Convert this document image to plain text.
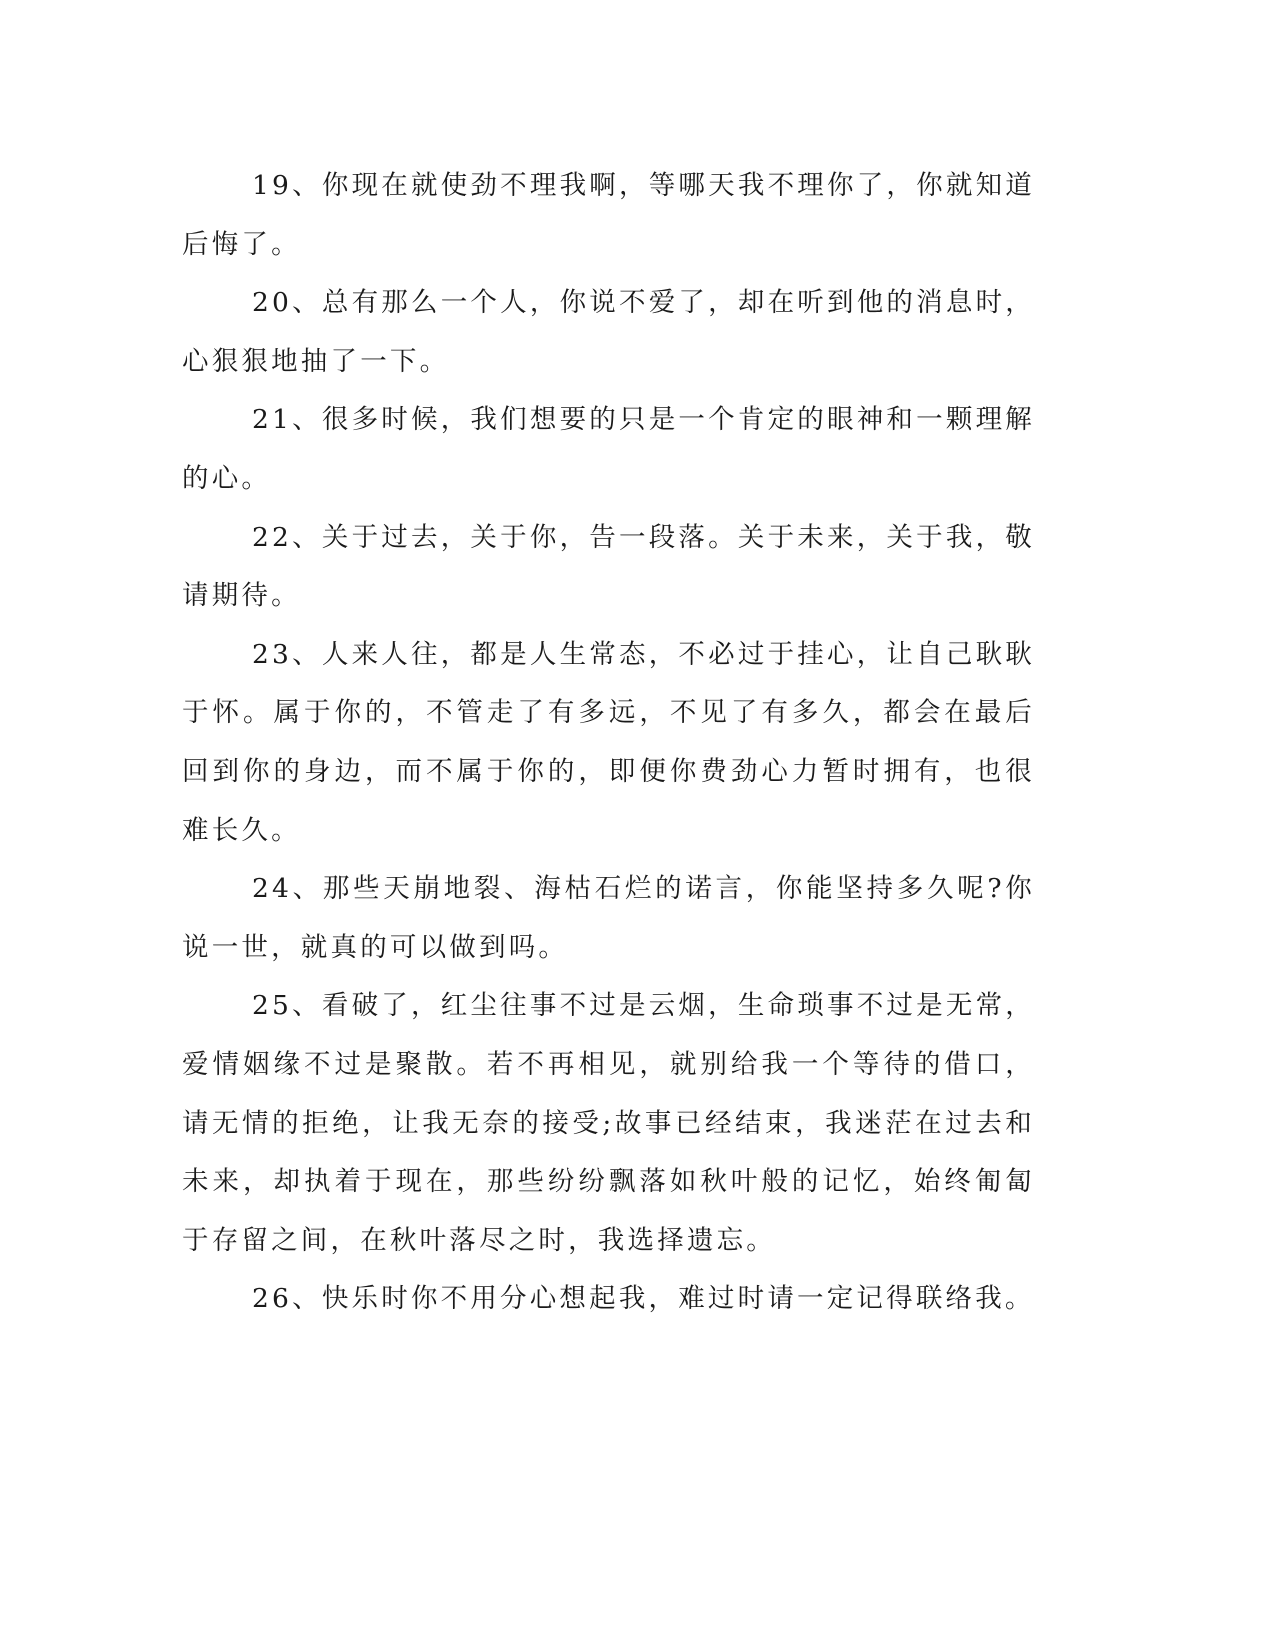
19、你现在就使劲不理我啊，等哪天我不理你了，你就知道后悔了。

20、总有那么一个人，你说不爱了，却在听到他的消息时，心狠狠地抽了一下。

21、很多时候，我们想要的只是一个肯定的眼神和一颗理解的心。

22、关于过去，关于你，告一段落。关于未来，关于我，敬请期待。

23、人来人往，都是人生常态，不必过于挂心，让自己耿耿于怀。属于你的，不管走了有多远，不见了有多久，都会在最后回到你的身边，而不属于你的，即便你费劲心力暂时拥有，也很难长久。

24、那些天崩地裂、海枯石烂的诺言，你能坚持多久呢?你说一世，就真的可以做到吗。

25、看破了，红尘往事不过是云烟，生命琐事不过是无常，爱情姻缘不过是聚散。若不再相见，就别给我一个等待的借口，请无情的拒绝，让我无奈的接受;故事已经结束，我迷茫在过去和未来，却执着于现在，那些纷纷飘落如秋叶般的记忆，始终匍匐于存留之间，在秋叶落尽之时，我选择遗忘。

26、快乐时你不用分心想起我，难过时请一定记得联络我。
